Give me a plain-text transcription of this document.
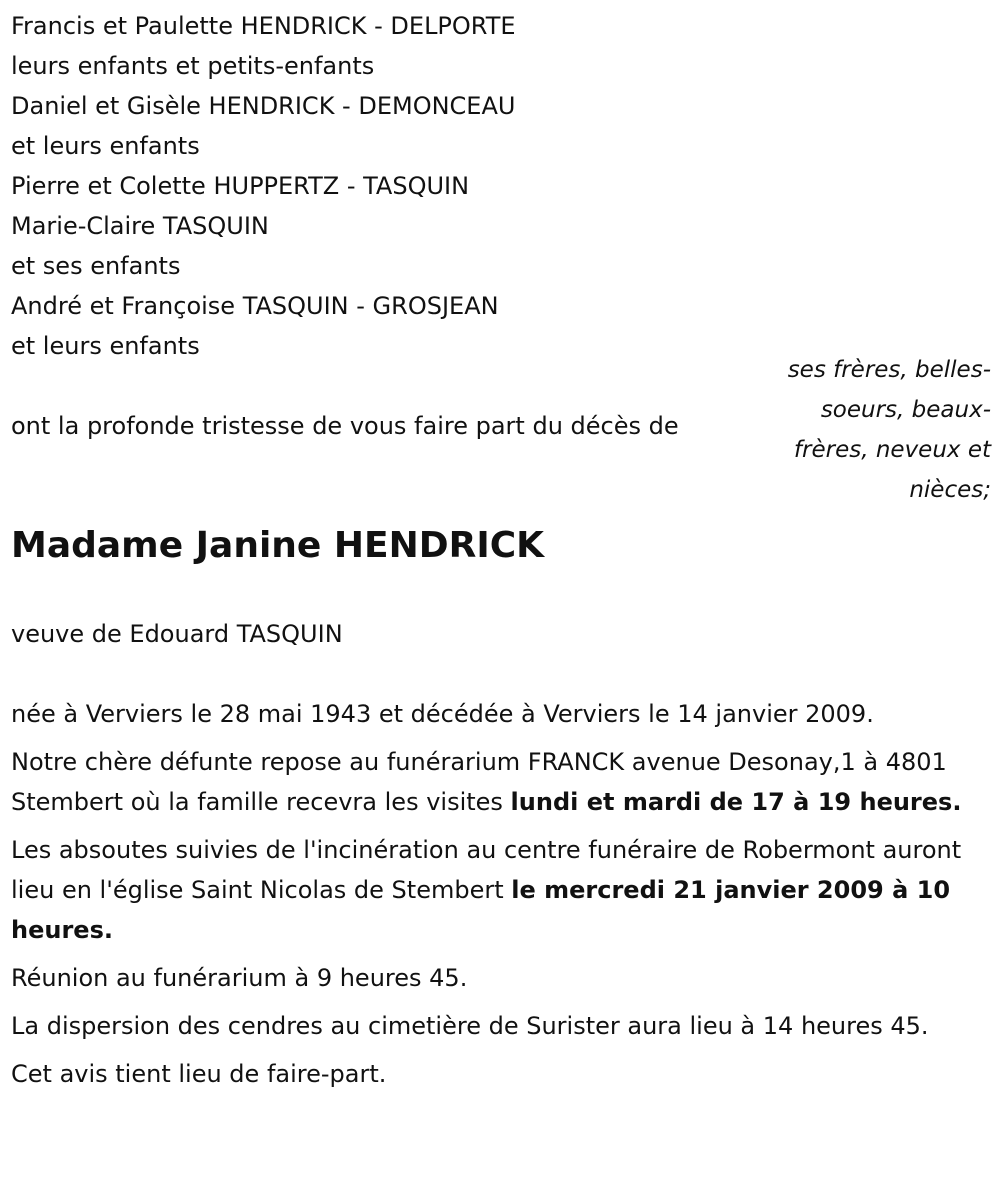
Francis et Paulette HENDRICK - DELPORTE
leurs enfants et petits-enfants
Daniel et Gisèle HENDRICK - DEMONCEAU
et leurs enfants
Pierre et Colette HUPPERTZ - TASQUIN
Marie-Claire TASQUIN
et ses enfants
André et Françoise TASQUIN - GROSJEAN
et leurs enfants
ses frères, belles-soeurs, beaux-frères, neveux et nièces;
ont la profonde tristesse de vous faire part du décès de
Madame Janine HENDRICK
veuve de Edouard TASQUIN

née à Verviers le 28 mai 1943 et décédée à Verviers le 14 janvier 2009.

Notre chère défunte repose au funérarium FRANCK avenue Desonay,1 à 4801 Stembert où la famille recevra les visites lundi et mardi de 17 à 19 heures.

Les absoutes suivies de l'incinération au centre funéraire de Robermont auront lieu en l'église Saint Nicolas de Stembert le mercredi 21 janvier 2009 à 10 heures.

Réunion au funérarium à 9 heures 45.

La dispersion des cendres au cimetière de Surister aura lieu à 14 heures 45.

Cet avis tient lieu de faire-part.
